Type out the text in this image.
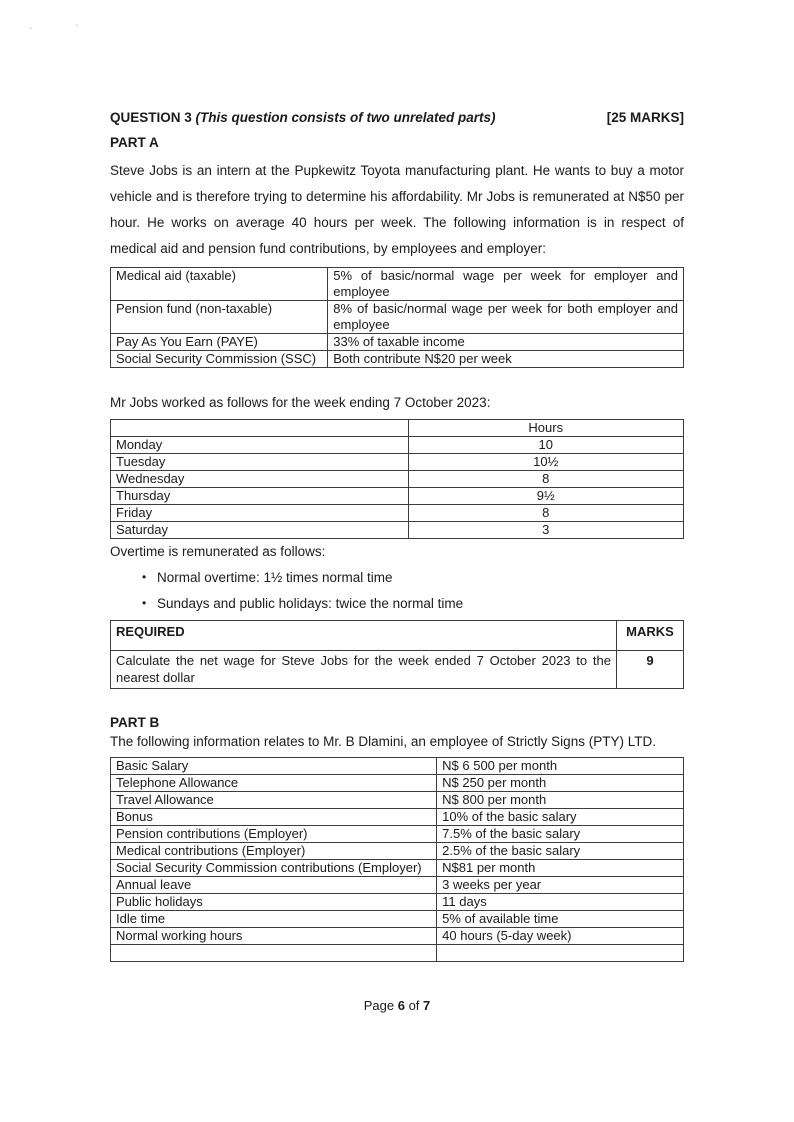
'	'
QUESTION 3 (This question consists of two unrelated parts)	[25 MARKS]
PART A

Steve Jobs is an intern at the Pupkewitz Toyota manufacturing plant. He wants to buy a motor vehicle and is therefore trying to determine his affordability. Mr Jobs is remunerated at N$50 per hour. He works on average 40 hours per week. The following information is in respect of medical aid and pension fund contributions, by employees and employer:

Medical aid (taxable)	5% of basic/normal wage per week for employer and employee
Pension fund (non-taxable)	8% of basic/normal wage per week for both employer and employee
Pay As You Earn (PAYE)	33% of taxable income
Social Security Commission (SSC)	Both contribute N$20 per week

Mr Jobs worked as follows for the week ending 7 October 2023:

	Hours
Monday	10
Tuesday	10½
Wednesday	8
Thursday	9½
Friday	8
Saturday	3

Overtime is remunerated as follows:

• Normal overtime: 1½ times normal time
• Sundays and public holidays: twice the normal time
REQUIRED	MARKS
Calculate the net wage for Steve Jobs for the week ended 7 October 2023 to the nearest dollar	9
PART B

The following information relates to Mr. B Dlamini, an employee of Strictly Signs (PTY) LTD.

Basic Salary	N$ 6 500 per month
Telephone Allowance	N$ 250 per month
Travel Allowance	N$ 800 per month
Bonus	10% of the basic salary
Pension contributions (Employer)	7.5% of the basic salary
Medical contributions (Employer)	2.5% of the basic salary
Social Security Commission contributions (Employer)	N$81 per month
Annual leave	3 weeks per year
Public holidays	11 days
Idle time	5% of available time
Normal working hours	40 hours (5-day week)

Page 6 of 7
